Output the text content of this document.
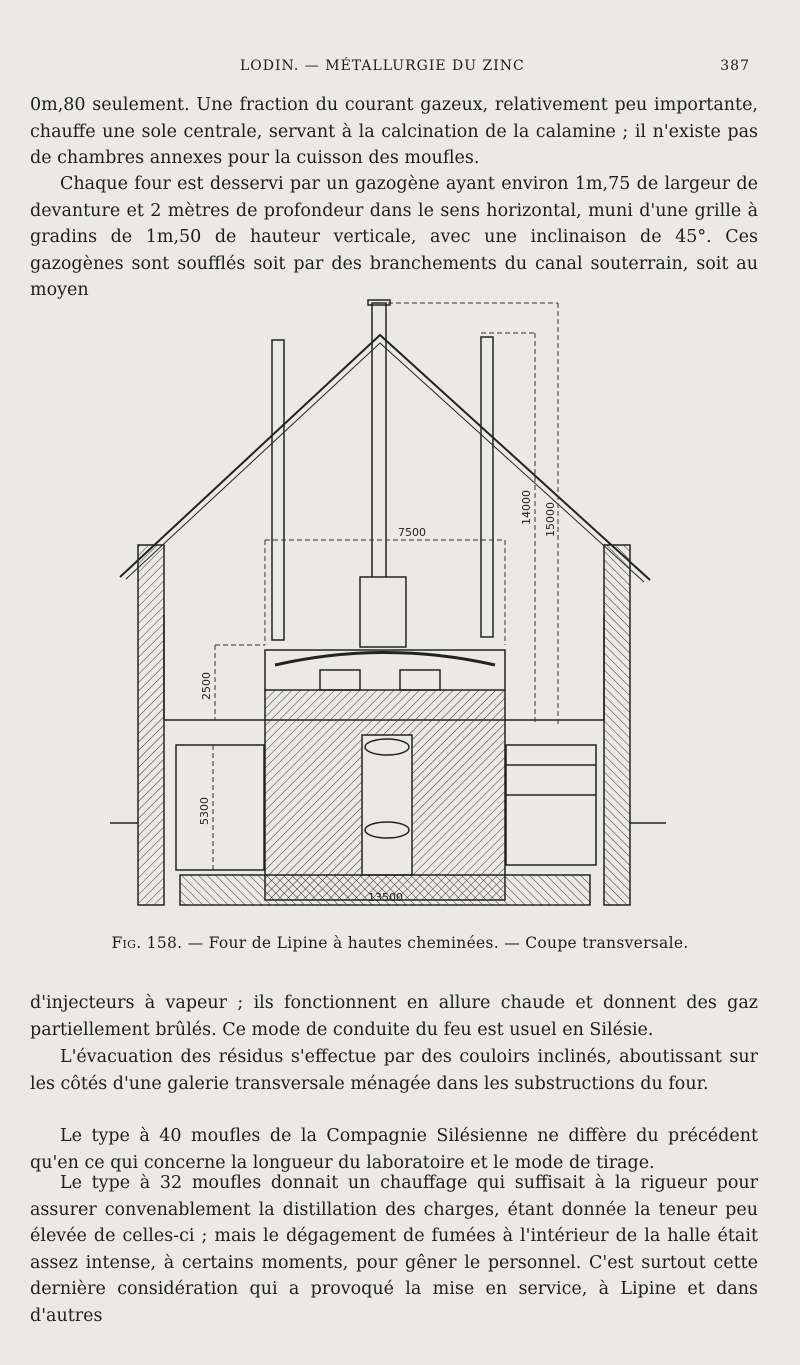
LODIN. — MÉTALLURGIE DU ZINC	387

0m,80 seulement. Une fraction du courant gazeux, relativement peu importante, chauffe une sole centrale, servant à la calcination de la calamine ; il n'existe pas de chambres annexes pour la cuisson des moufles.

Chaque four est desservi par un gazogène ayant environ 1m,75 de largeur de devanture et 2 mètres de profondeur dans le sens horizontal, muni d'une grille à gradins de 1m,50 de hauteur verticale, avec une inclinaison de 45°. Ces gazogènes sont soufflés soit par des branchements du canal souterrain, soit au moyen

7500
14000 15000
2500
5300
13500
Fig. 158. — Four de Lipine à hautes cheminées. — Coupe transversale.

d'injecteurs à vapeur ; ils fonctionnent en allure chaude et donnent des gaz partiellement brûlés. Ce mode de conduite du feu est usuel en Silésie.

L'évacuation des résidus s'effectue par des couloirs inclinés, aboutissant sur les côtés d'une galerie transversale ménagée dans les substructions du four.

Le type à 40 moufles de la Compagnie Silésienne ne diffère du précédent qu'en ce qui concerne la longueur du laboratoire et le mode de tirage.

Le type à 32 moufles donnait un chauffage qui suffisait à la rigueur pour assurer convenablement la distillation des charges, étant donnée la teneur peu élevée de celles-ci ; mais le dégagement de fumées à l'intérieur de la halle était assez intense, à certains moments, pour gêner le personnel. C'est surtout cette dernière considération qui a provoqué la mise en service, à Lipine et dans d'autres
